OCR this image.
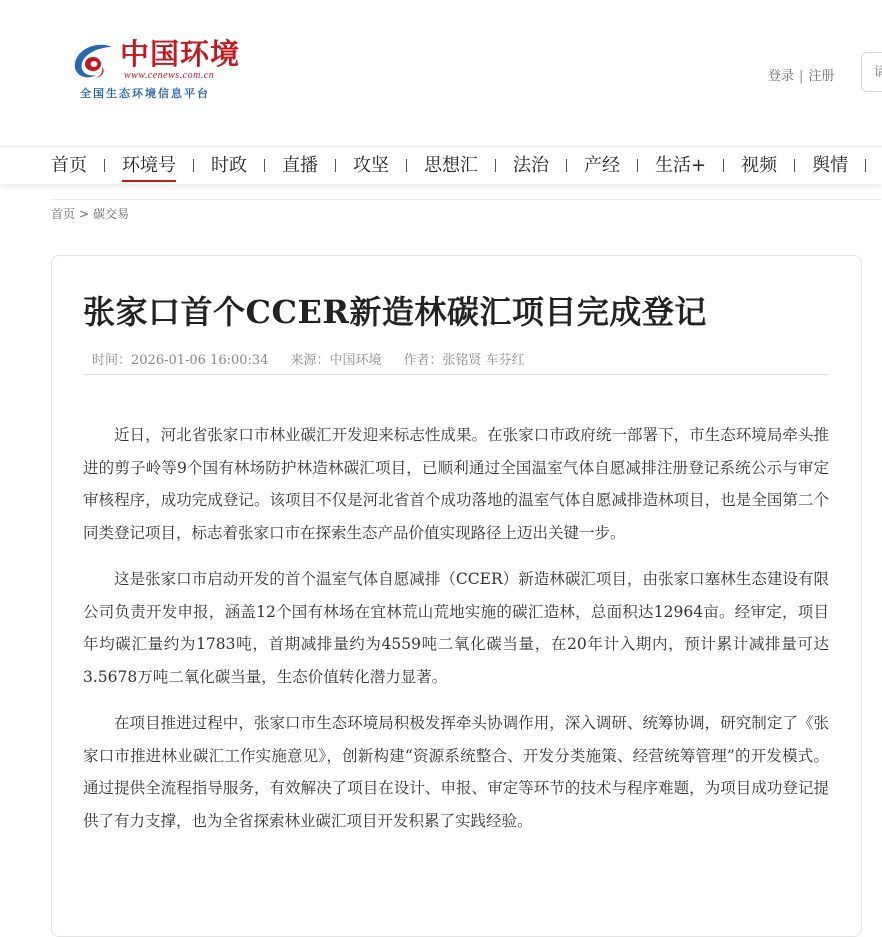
中国环境
www.cenews.com.cn
全国生态环境信息平台
登录 | 注册
请
首页 环境号 时政 直播 攻坚 思想汇 法治 产经 生活+ 视频 舆情
首页 > 碳交易
张家口首个CCER新造林碳汇项目完成登记
时间：2026-01-06 16:00:34 来源：中国环境 作者：张铭贤 车芬红

近日，河北省张家口市林业碳汇开发迎来标志性成果。在张家口市政府统一部署下，市生态环境局牵头推进的剪子岭等9个国有林场防护林造林碳汇项目，已顺利通过全国温室气体自愿减排注册登记系统公示与审定审核程序，成功完成登记。该项目不仅是河北省首个成功落地的温室气体自愿减排造林项目，也是全国第二个同类登记项目，标志着张家口市在探索生态产品价值实现路径上迈出关键一步。

这是张家口市启动开发的首个温室气体自愿减排（CCER）新造林碳汇项目，由张家口塞林生态建设有限公司负责开发申报，涵盖12个国有林场在宜林荒山荒地实施的碳汇造林，总面积达12964亩。经审定，项目年均碳汇量约为1783吨，首期减排量约为4559吨二氧化碳当量，在20年计入期内，预计累计减排量可达3.5678万吨二氧化碳当量，生态价值转化潜力显著。

在项目推进过程中，张家口市生态环境局积极发挥牵头协调作用，深入调研、统筹协调，研究制定了《张家口市推进林业碳汇工作实施意见》，创新构建“资源系统整合、开发分类施策、经营统筹管理”的开发模式。通过提供全流程指导服务，有效解决了项目在设计、申报、审定等环节的技术与程序难题，为项目成功登记提供了有力支撑，也为全省探索林业碳汇项目开发积累了实践经验。
